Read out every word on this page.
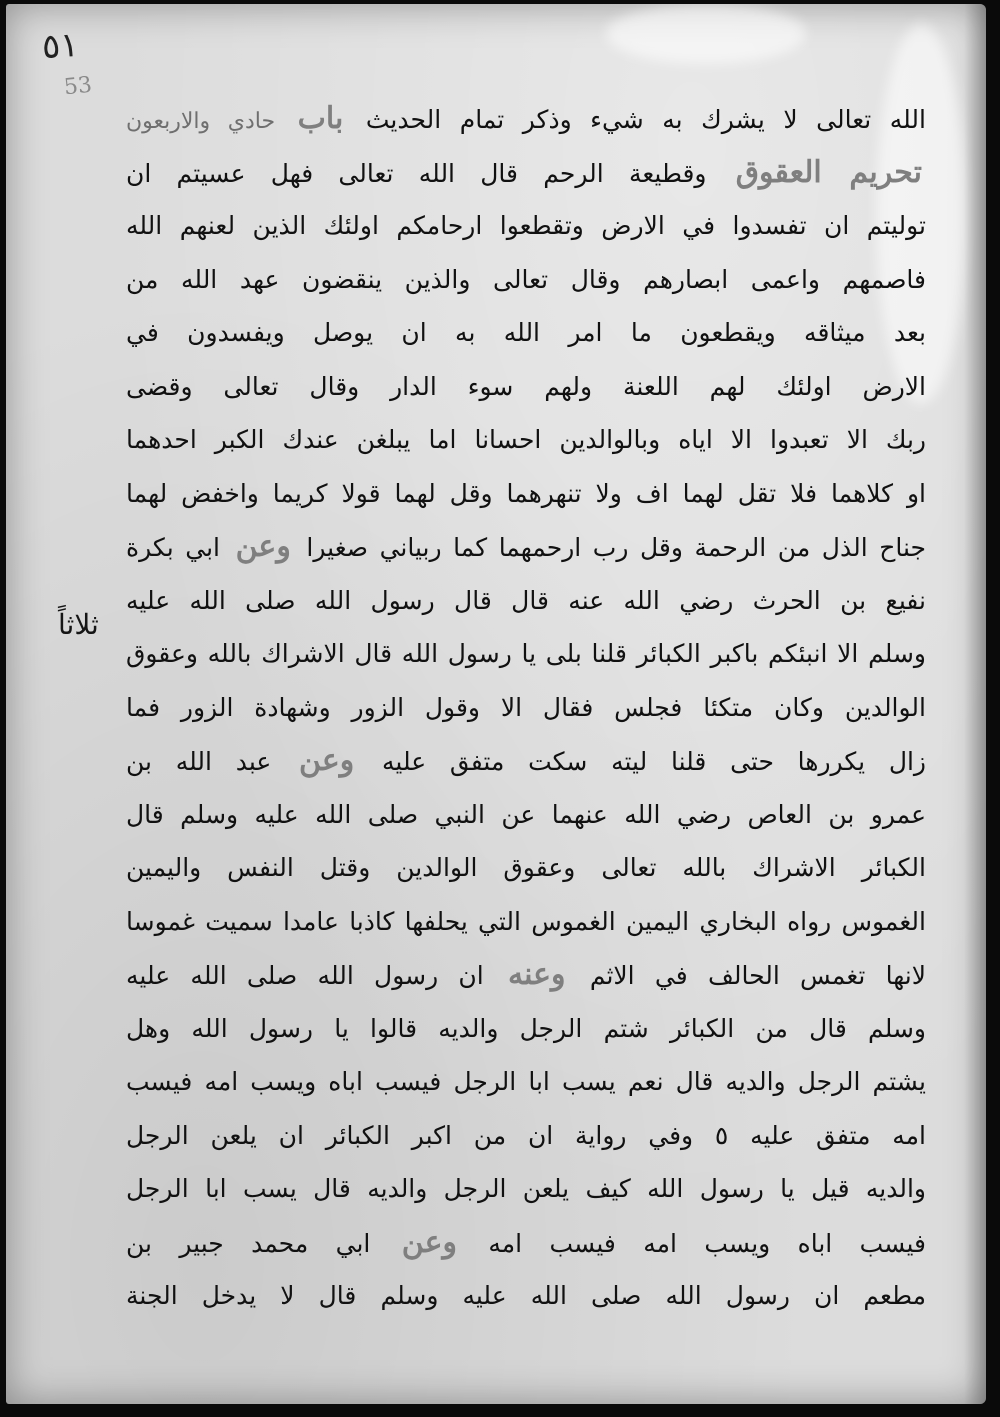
٥١
53
ثلاثاً
الله تعالى لا يشرك به شيء وذكر تمام الحديث باب حادي والاربعون
تحريم العقوق وقطيعة الرحم قال الله تعالى فهل عسيتم ان
توليتم ان تفسدوا في الارض وتقطعوا ارحامكم اولئك الذين لعنهم الله
فاصمهم واعمى ابصارهم وقال تعالى والذين ينقضون عهد الله من
بعد ميثاقه ويقطعون ما امر الله به ان يوصل ويفسدون في
الارض اولئك لهم اللعنة ولهم سوء الدار وقال تعالى وقضى
ربك الا تعبدوا الا اياه وبالوالدين احسانا اما يبلغن عندك الكبر احدهما
او كلاهما فلا تقل لهما اف ولا تنهرهما وقل لهما قولا كريما واخفض لهما
جناح الذل من الرحمة وقل رب ارحمهما كما ربياني صغيرا وعن ابي بكرة
نفيع بن الحرث رضي الله عنه قال قال رسول الله صلى الله عليه
وسلم الا انبئكم باكبر الكبائر قلنا بلى يا رسول الله قال الاشراك بالله وعقوق
الوالدين وكان متكئا فجلس فقال الا وقول الزور وشهادة الزور فما
زال يكررها حتى قلنا ليته سكت متفق عليه وعن عبد الله بن
عمرو بن العاص رضي الله عنهما عن النبي صلى الله عليه وسلم قال
الكبائر الاشراك بالله تعالى وعقوق الوالدين وقتل النفس واليمين
الغموس رواه البخاري اليمين الغموس التي يحلفها كاذبا عامدا سميت غموسا
لانها تغمس الحالف في الاثم وعنه ان رسول الله صلى الله عليه
وسلم قال من الكبائر شتم الرجل والديه قالوا يا رسول الله وهل
يشتم الرجل والديه قال نعم يسب ابا الرجل فيسب اباه ويسب امه فيسب
امه متفق عليه ٥ وفي رواية ان من اكبر الكبائر ان يلعن الرجل
والديه قيل يا رسول الله كيف يلعن الرجل والديه قال يسب ابا الرجل
فيسب اباه ويسب امه فيسب امه وعن ابي محمد جبير بن
مطعم ان رسول الله صلى الله عليه وسلم قال لا يدخل الجنة
